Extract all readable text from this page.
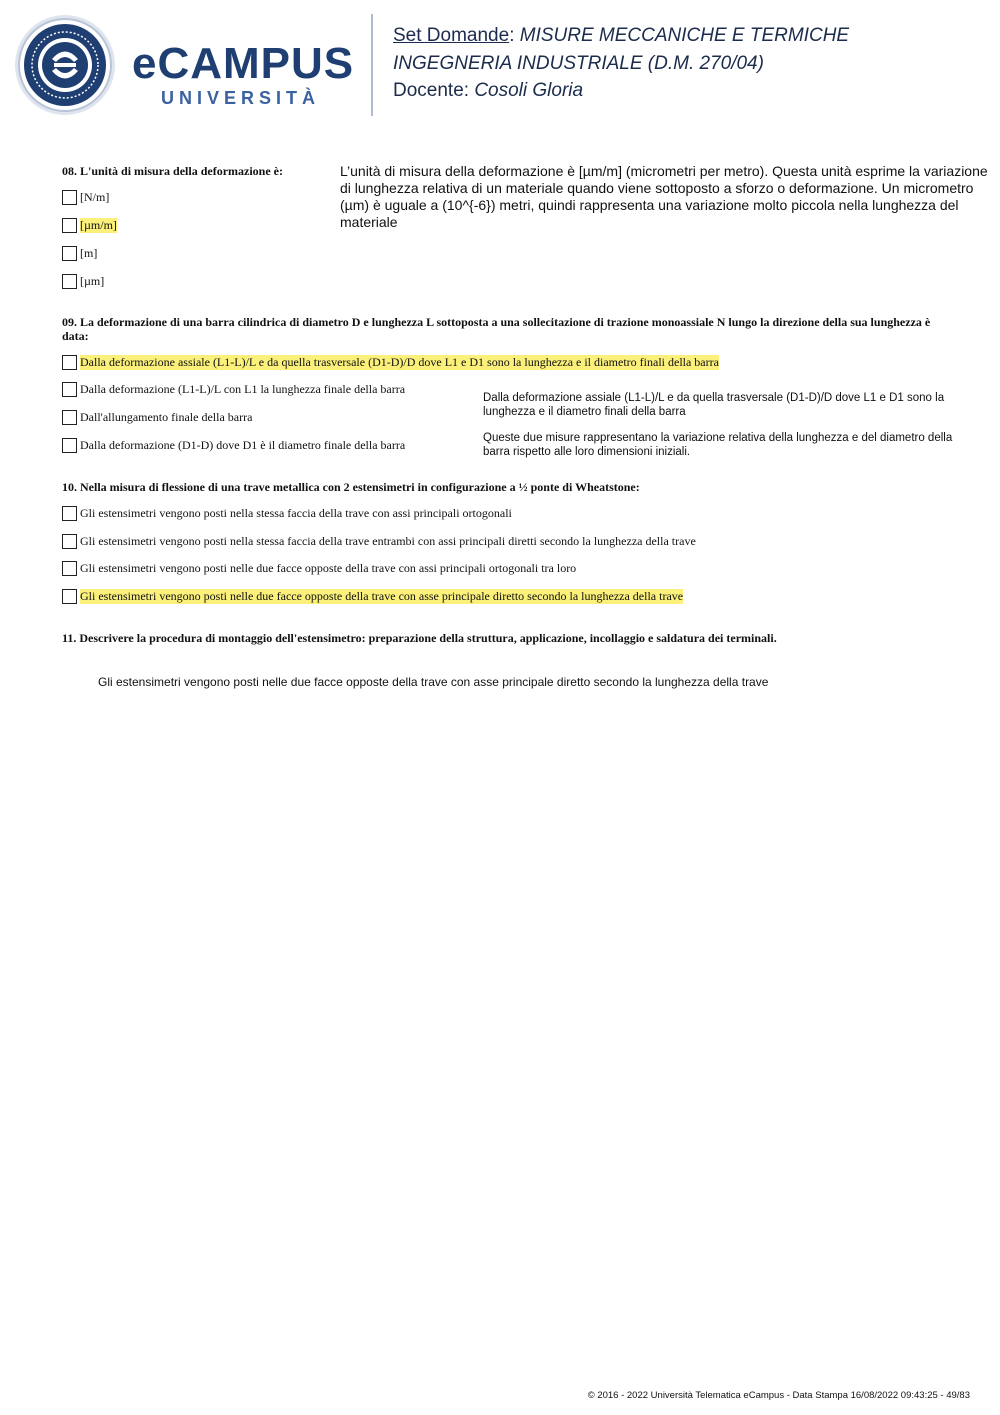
eCAMPUS
UNIVERSITÀ
Set Domande: MISURE MECCANICHE E TERMICHE
INGEGNERIA INDUSTRIALE (D.M. 270/04)
Docente: Cosoli Gloria
08. L'unità di misura della deformazione è:
[N/m]
[µm/m]
[m]
[µm]
L’unità di misura della deformazione è [µm/m] (micrometri per metro). Questa unità esprime la variazione di lunghezza relativa di un materiale quando viene sottoposto a sforzo o deformazione. Un micrometro (µm) è uguale a (10^{-6}) metri, quindi rappresenta una variazione molto piccola nella lunghezza del materiale
09. La deformazione di una barra cilindrica di diametro D e lunghezza L sottoposta a una sollecitazione di trazione monoassiale N lungo la direzione della sua lunghezza è data:
Dalla deformazione assiale (L1-L)/L e da quella trasversale (D1-D)/D dove L1 e D1 sono la lunghezza e il diametro finali della barra
Dalla deformazione (L1-L)/L con L1 la lunghezza finale della barra
Dall'allungamento finale della barra
Dalla deformazione (D1-D) dove D1 è il diametro finale della barra
Dalla deformazione assiale (L1-L)/L e da quella trasversale (D1-D)/D dove L1 e D1 sono la lunghezza e il diametro finali della barra
Queste due misure rappresentano la variazione relativa della lunghezza e del diametro della barra rispetto alle loro dimensioni iniziali.
10. Nella misura di flessione di una trave metallica con 2 estensimetri in configurazione a ½ ponte di Wheatstone:
Gli estensimetri vengono posti nella stessa faccia della trave con assi principali ortogonali
Gli estensimetri vengono posti nella stessa faccia della trave entrambi con assi principali diretti secondo la lunghezza della trave
Gli estensimetri vengono posti nelle due facce opposte della trave con assi principali ortogonali tra loro
Gli estensimetri vengono posti nelle due facce opposte della trave con asse principale diretto secondo la lunghezza della trave
11. Descrivere la procedura di montaggio dell'estensimetro: preparazione della struttura, applicazione, incollaggio e saldatura dei terminali.
Gli estensimetri vengono posti nelle due facce opposte della trave con asse principale diretto secondo la lunghezza della trave
© 2016 - 2022 Università Telematica eCampus - Data Stampa 16/08/2022 09:43:25 - 49/83
